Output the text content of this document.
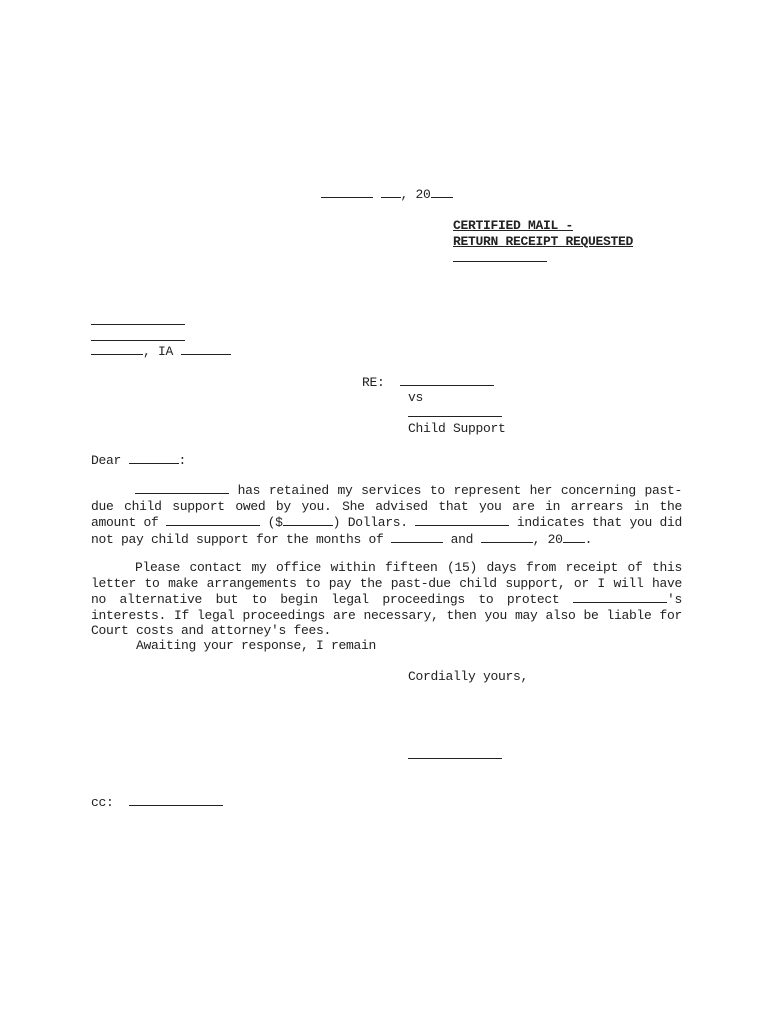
, 20
CERTIFIED MAIL -
RETURN RECEIPT REQUESTED
, IA
RE:
vs
Child Support
Dear	:
has retained my services to represent her concerning past-due child support owed by you. She advised that you are in arrears in the amount of	($	) Dollars.	indicates that you did not pay child support for the months of	and	, 20 .
Please contact my office within fifteen (15) days from receipt of this letter to make arrangements to pay the past-due child support, or I will have no alternative but to begin legal proceedings to protect	's interests. If legal proceedings are necessary, then you may also be liable for Court costs and attorney's fees.
Awaiting your response, I remain
Cordially yours,
cc:
